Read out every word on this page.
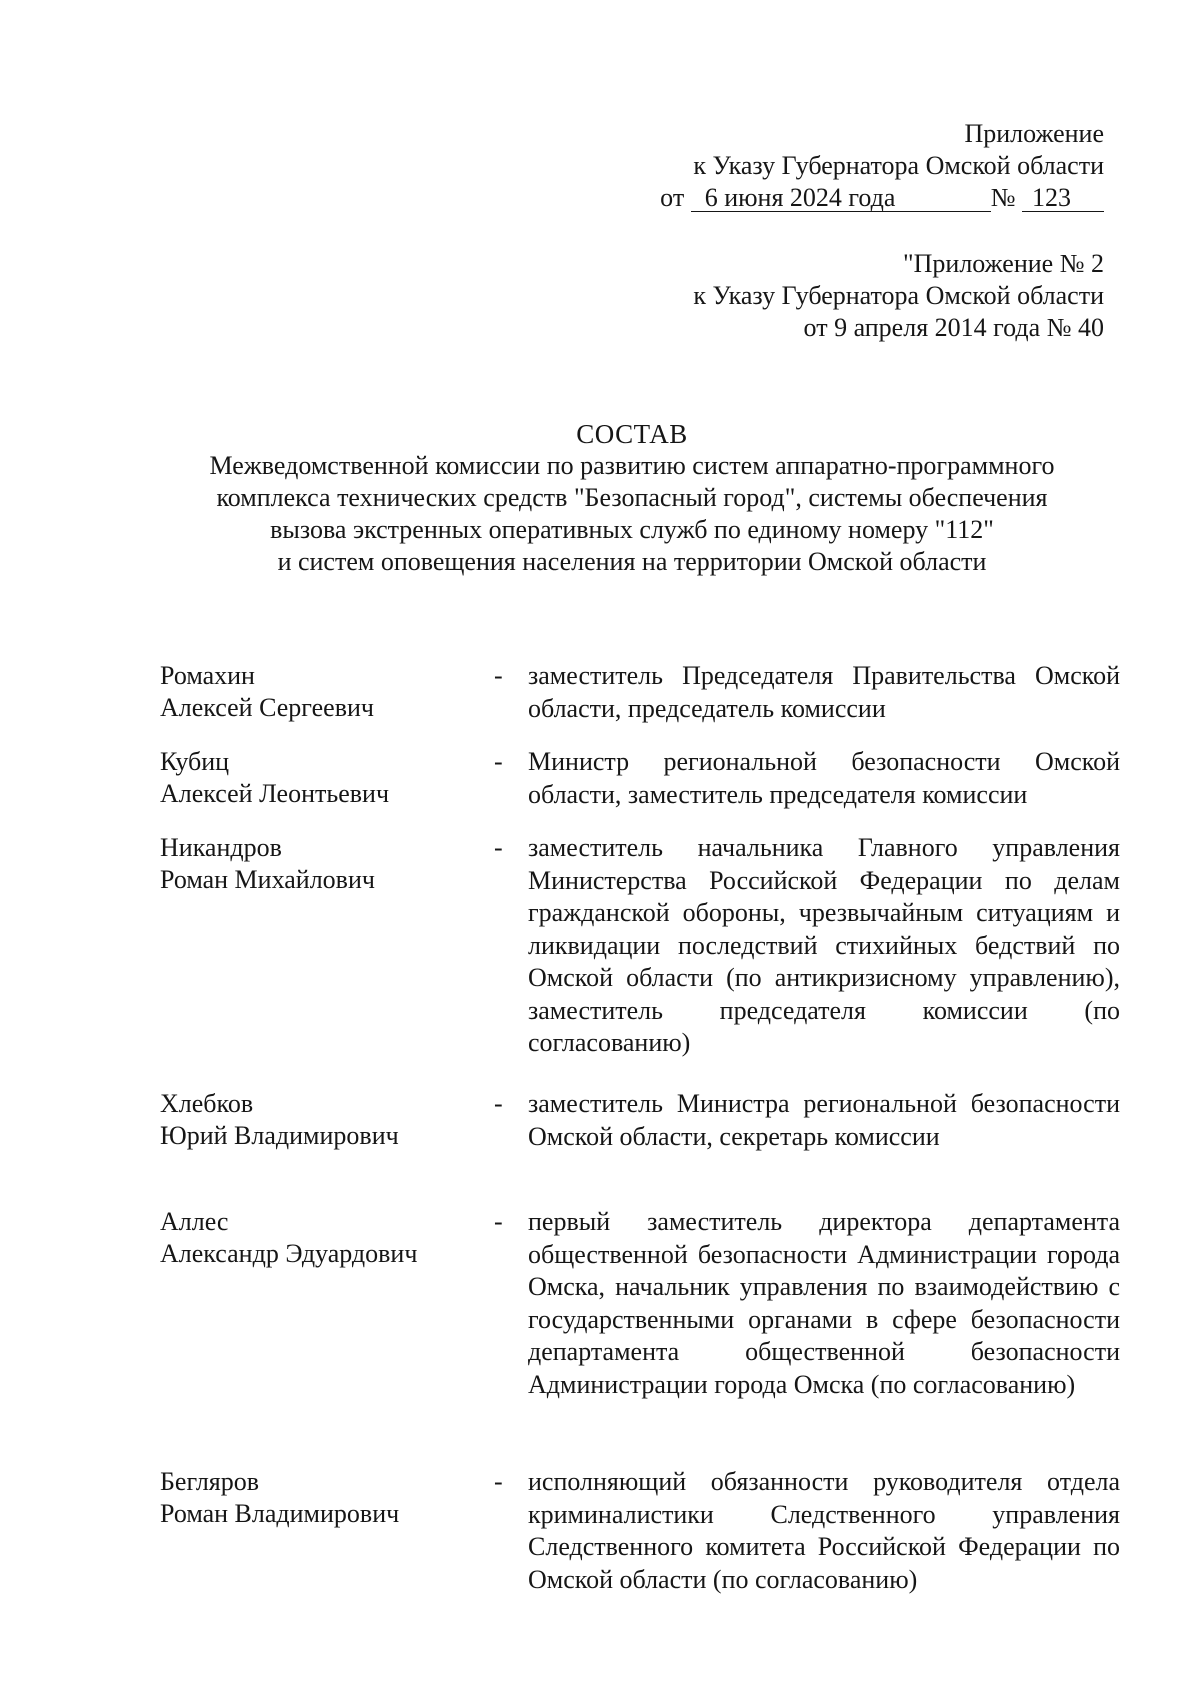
Приложение
к Указу Губернатора Омской области
от 6 июня 2024 года	№ 123
"Приложение № 2
к Указу Губернатора Омской области
от 9 апреля 2014 года № 40
СОСТАВ
Межведомственной комиссии по развитию систем аппаратно-программного
комплекса технических средств "Безопасный город", системы обеспечения
вызова экстренных оперативных служб по единому номеру "112"
и систем оповещения населения на территории Омской области
Ромахин
Алексей Сергеевич
- заместитель Председателя Правительства Омской области, председатель комиссии
Кубиц
Алексей Леонтьевич
- Министр региональной безопасности Омской области, заместитель председателя комиссии
Никандров
Роман Михайлович
- заместитель начальника Главного управления Министерства Российской Федерации по делам гражданской обороны, чрезвычайным ситуациям и ликвидации последствий стихийных бедствий по Омской области (по антикризисному управлению), заместитель председателя комиссии (по согласованию)
Хлебков
Юрий Владимирович
- заместитель Министра региональной безопасности Омской области, секретарь комиссии
Аллес
Александр Эдуардович
- первый заместитель директора департамента общественной безопасности Администрации города Омска, начальник управления по взаимодействию с государственными органами в сфере безопасности департамента общественной безопасности Администрации города Омска (по согласованию)
Бегляров
Роман Владимирович
- исполняющий обязанности руководителя отдела криминалистики Следственного управления Следственного комитета Российской Федерации по Омской области (по согласованию)
